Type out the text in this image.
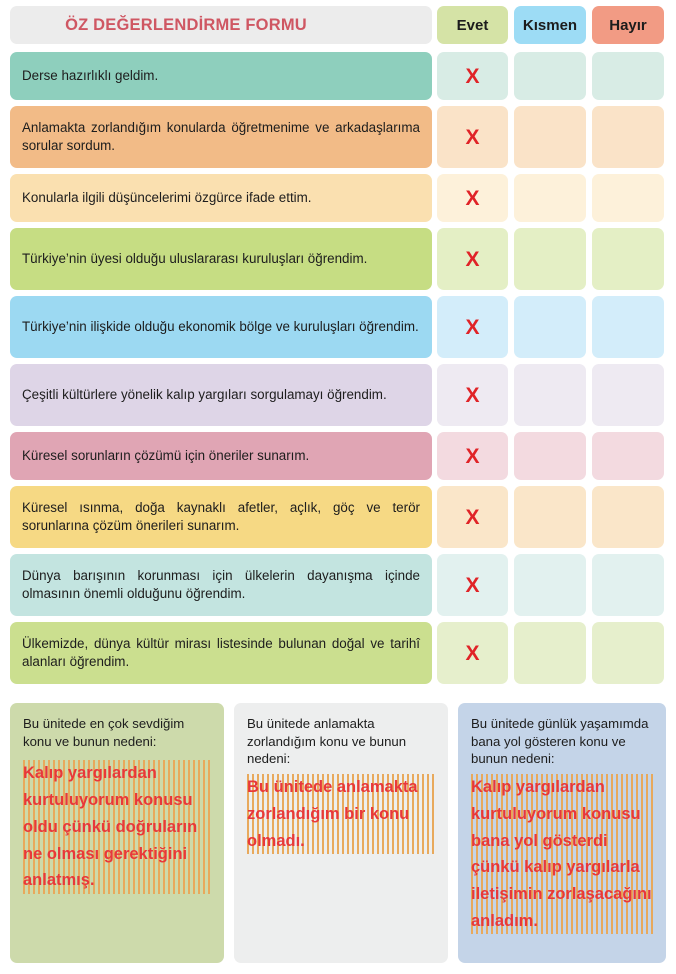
ÖZ DEĞERLENDİRME FORMU	Evet Kısmen Hayır
Derse hazırlıklı geldim.	X
Anlamakta zorlandığım konularda öğretmenime ve arkadaşlarıma sorular sordum.	X
Konularla ilgili düşüncelerimi özgürce ifade ettim.	X
Türkiye’nin üyesi olduğu uluslararası kuruluşları öğrendim.	X
Türkiye’nin ilişkide olduğu ekonomik bölge ve kuruluşları öğrendim. X
Çeşitli kültürlere yönelik kalıp yargıları sorgulamayı öğrendim.	X
Küresel sorunların çözümü için öneriler sunarım.	X
Küresel ısınma, doğa kaynaklı afetler, açlık, göç ve terör sorunlarına çözüm önerileri sunarım.	X
Dünya barışının korunması için ülkelerin dayanışma içinde olmasının önemli olduğunu öğrendim.	X
Ülkemizde, dünya kültür mirası listesinde bulunan doğal ve tarihî alanları öğrendim.	X

Bu ünitede en çok sevdiğim konu ve bunun nedeni:

Kalıp yargılardan kurtuluyorum konusu oldu çünkü doğruların ne olması gerektiğini anlatmış.

Bu ünitede anlamakta zorlandığım konu ve bunun nedeni:

Bu ünitede anlamakta zorlandığım bir konu olmadı.

Bu ünitede günlük yaşamımda bana yol gösteren konu ve bunun nedeni:

Kalıp yargılardan kurtuluyorum konusu bana yol gösterdi çünkü kalıp yargılarla iletişimin zorlaşacağını anladım.
